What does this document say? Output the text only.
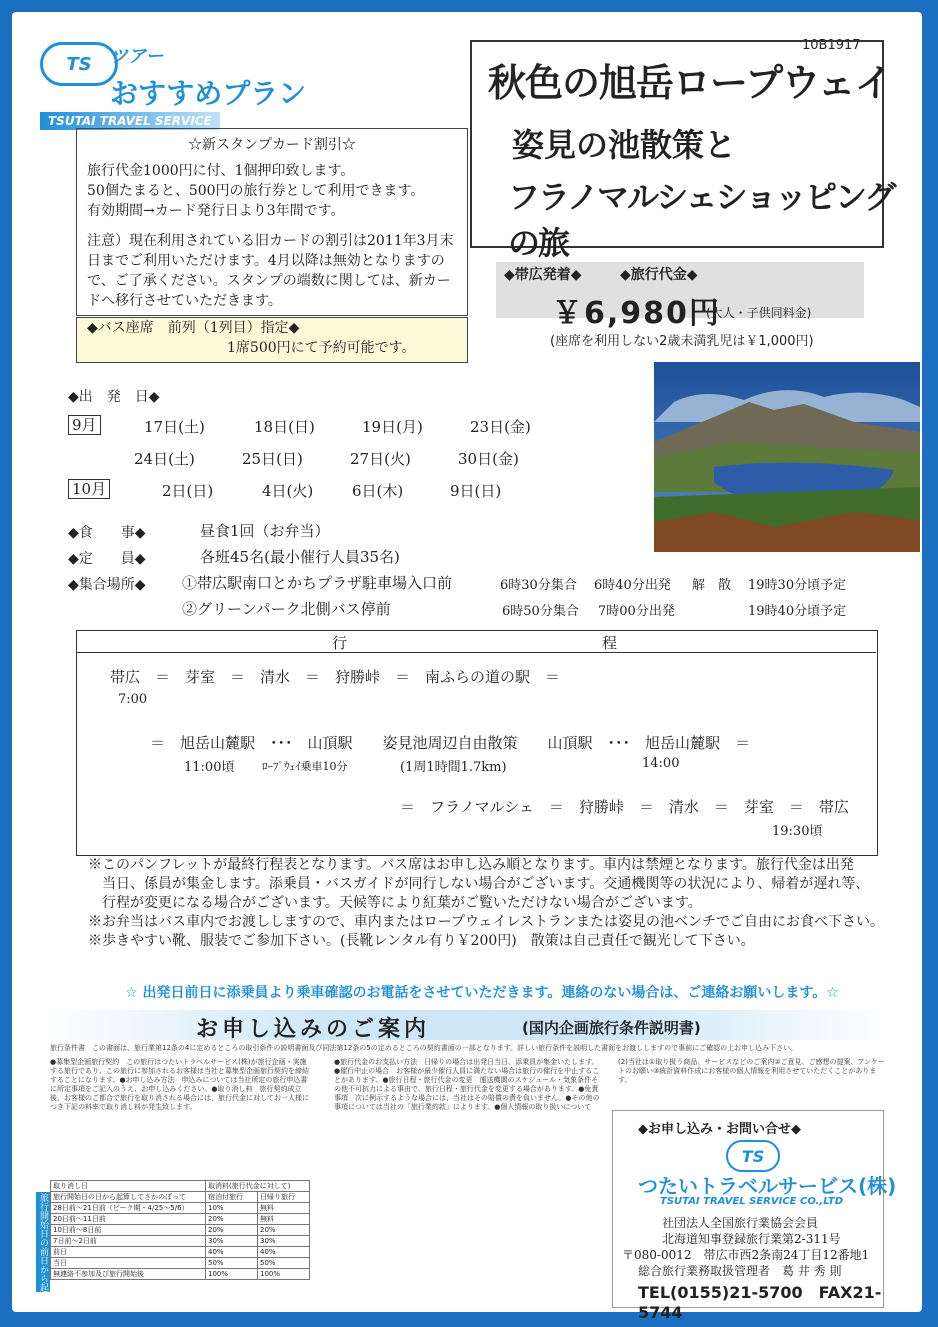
TS	ツアー
おすすめプラン
TSUTAI TRAVEL SERVICE
10B1917
秋色の旭岳ロープウェイ
姿見の池散策と
フラノマルシェショッピングの旅
☆新スタンプカード割引☆

旅行代金1000円に付、1個押印致します。
50個たまると、500円の旅行券として利用できます。
有効期間→カード発行日より3年間です。

注意）現在利用されている旧カードの割引は2011年3月末日までご利用いただけます。4月以降は無効となりますので、ご了承ください。スタンプの端数に関しては、新カードへ移行させていただきます。

◆バス座席　前列（1列目）指定◆
1席500円にて予約可能です。
◆帯広発着◆	◆旅行代金◆
￥6,980円
(大人・子供同料金)
(座席を利用しない2歳未満乳児は￥1,000円)
◆出　発　日◆
9月	17日(土)	18日(日)	19日(月)	23日(金)
24日(土)	25日(日)	27日(火)	30日(金)
10月	2日(日)	4日(火)	6日(木)	9日(日)
◆食　　事◆	昼食1回（お弁当）
◆定　　員◆	各班45名(最小催行人員35名)
◆集合場所◆ ①帯広駅南口とかちプラザ駐車場入口前	6時30分集合 6時40分出発 解　散 19時30分頃予定
②グリーンパーク北側バス停前	6時50分集合 7時00分出発	19時40分頃予定
行	程
帯広　＝　芽室　＝　清水　＝　狩勝峠　＝　南ふらの道の駅　＝
7:00
＝　旭岳山麓駅　･･･　山頂駅　　姿見池周辺自由散策　　山頂駅　･･･　旭岳山麓駅　＝
11:00頃	ﾛｰﾌﾟｳｪｲ乗車10分	(1周1時間1.7km)	14:00
＝　フラノマルシェ　＝　狩勝峠　＝　清水　＝　芽室　＝　帯広
19:30頃

※このパンフレットが最終行程表となります。バス席はお申し込み順となります。車内は禁煙となります。旅行代金は出発

　当日、係員が集金します。添乗員・バスガイドが同行しない場合がございます。交通機関等の状況により、帰着が遅れ等、

　行程が変更になる場合がございます。天候等により紅葉がご覧いただけない場合がございます。

※お弁当はバス車内でお渡ししますので、車内またはロープウェイレストランまたは姿見の池ベンチでご自由にお食べ下さい。

※歩きやすい靴、服装でご参加下さい。(長靴レンタル有り￥200円)　散策は自己責任で観光して下さい。

☆ 出発日前日に添乗員より乗車確認のお電話をさせていただきます。連絡のない場合は、ご連絡お願いします。☆
お申し込みのご案内	(国内企画旅行条件説明書)
旅行条件書　この書面は、旅行業第12条の4に定めるところの取引条件の説明書面及び同法第12条の5の定めるところの契約書面の一部となります。詳しい旅行条件を説明した書面をお渡ししますので事前にご確認の上お申し込み下さい。
●募集型企画旅行契約　この旅行はつたいトラベルサービス(株)が旅行企画・実施する旅行であり、この旅行に参加されるお客様は当社と募集型企画旅行契約を締結することになります。●お申し込み方法　申込みについては当社所定の旅行申込書に所定事項をご記入のうえ、お申し込みください。●取り消し料　旅行契約成立後、お客様のご都合で旅行を取り消される場合には、旅行代金に対してお一人様につき下記の料率で取り消し料が発生致します。
●旅行代金のお支払い方法　日帰りの場合は出発日当日、添乗員が集金いたします。●催行中止の場合　お客様が最少催行人員に満たない場合は旅行の催行を中止することがあります。●旅行日程・旅行代金の変更　運送機関のスケジュール・気象条件その他不可抗力による事由で、旅行日程・旅行代金を変更する場合があります。●免責事項　次に例示するような場合には、当社はその賠償の責を負いません。●その他の事項については当社の「旅行業約款」によります。●個人情報の取り扱いについて
(2)当社は①取り扱う商品、サービスなどのご案内②ご意見、ご感想の提案、アンケートのお願い③統計資料作成にお客様の個人情報を利用させていただくことがあります。
取り消し日	取消料(旅行代金に対して)	
旅行開始日の日から起算してさかのぼって	宿泊付旅行	日帰り旅行
28日前〜21日前（ピーク期・4/25〜5/6）	10%	無料
20日前〜11日前	20%	無料
10日前〜8日前	20%	20%
7日前〜2日前	30%	30%
前日	40%	40%
当日	50%	50%
無連絡不参加及び旅行開始後	100%	100%
旅行開始日の前日から起算して
◆お申し込み・お問い合せ◆
TS
つたいトラベルサービス(株)
TSUTAI TRAVEL SERVICE CO.,LTD
社団法人全国旅行業協会会員
北海道知事登録旅行業第2-311号
〒080-0012　帯広市西2条南24丁目12番地1
総合旅行業務取扱管理者　葛 井 秀 則
TEL(0155)21-5700　FAX21-5744
